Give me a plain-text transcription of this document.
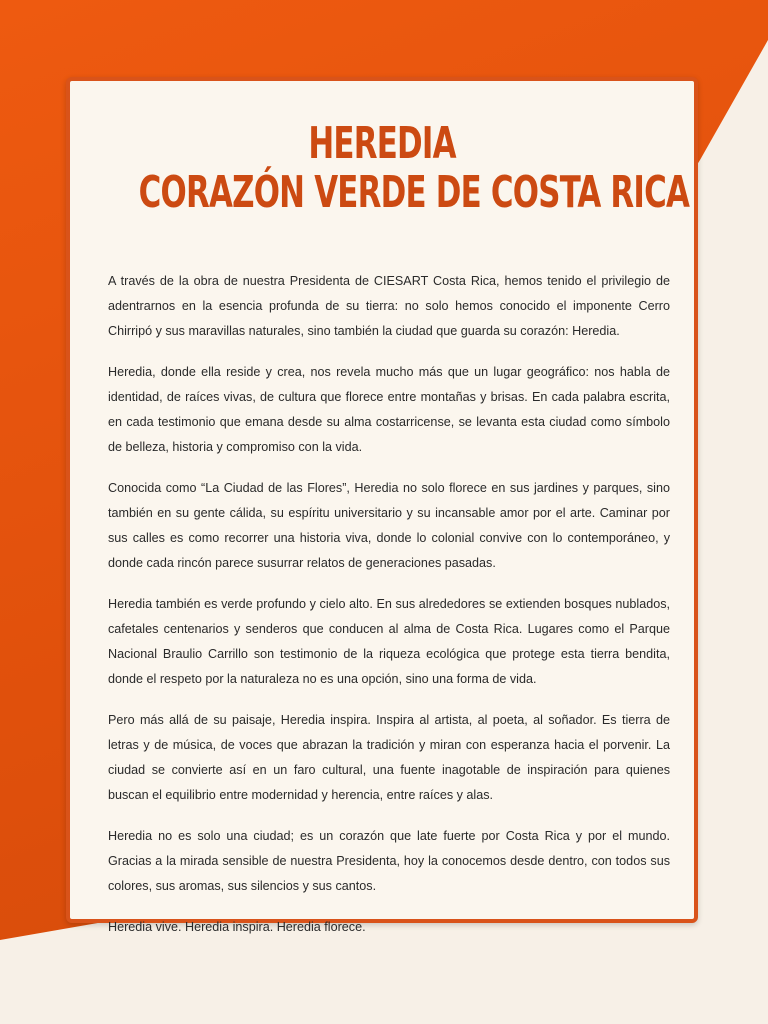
HEREDIA
CORAZÓN VERDE DE COSTA RICA

A través de la obra de nuestra Presidenta de CIESART Costa Rica, hemos tenido el privilegio de adentrarnos en la esencia profunda de su tierra: no solo hemos conocido el imponente Cerro Chirripó y sus maravillas naturales, sino también la ciudad que guarda su corazón: Heredia.

Heredia, donde ella reside y crea, nos revela mucho más que un lugar geográfico: nos habla de identidad, de raíces vivas, de cultura que florece entre montañas y brisas. En cada palabra escrita, en cada testimonio que emana desde su alma costarricense, se levanta esta ciudad como símbolo de belleza, historia y compromiso con la vida.

Conocida como “La Ciudad de las Flores”, Heredia no solo florece en sus jardines y parques, sino también en su gente cálida, su espíritu universitario y su incansable amor por el arte. Caminar por sus calles es como recorrer una historia viva, donde lo colonial convive con lo contemporáneo, y donde cada rincón parece susurrar relatos de generaciones pasadas.

Heredia también es verde profundo y cielo alto. En sus alrededores se extienden bosques nublados, cafetales centenarios y senderos que conducen al alma de Costa Rica. Lugares como el Parque Nacional Braulio Carrillo son testimonio de la riqueza ecológica que protege esta tierra bendita, donde el respeto por la naturaleza no es una opción, sino una forma de vida.

Pero más allá de su paisaje, Heredia inspira. Inspira al artista, al poeta, al soñador. Es tierra de letras y de música, de voces que abrazan la tradición y miran con esperanza hacia el porvenir. La ciudad se convierte así en un faro cultural, una fuente inagotable de inspiración para quienes buscan el equilibrio entre modernidad y herencia, entre raíces y alas.

Heredia no es solo una ciudad; es un corazón que late fuerte por Costa Rica y por el mundo. Gracias a la mirada sensible de nuestra Presidenta, hoy la conocemos desde dentro, con todos sus colores, sus aromas, sus silencios y sus cantos.

Heredia vive. Heredia inspira. Heredia florece.
